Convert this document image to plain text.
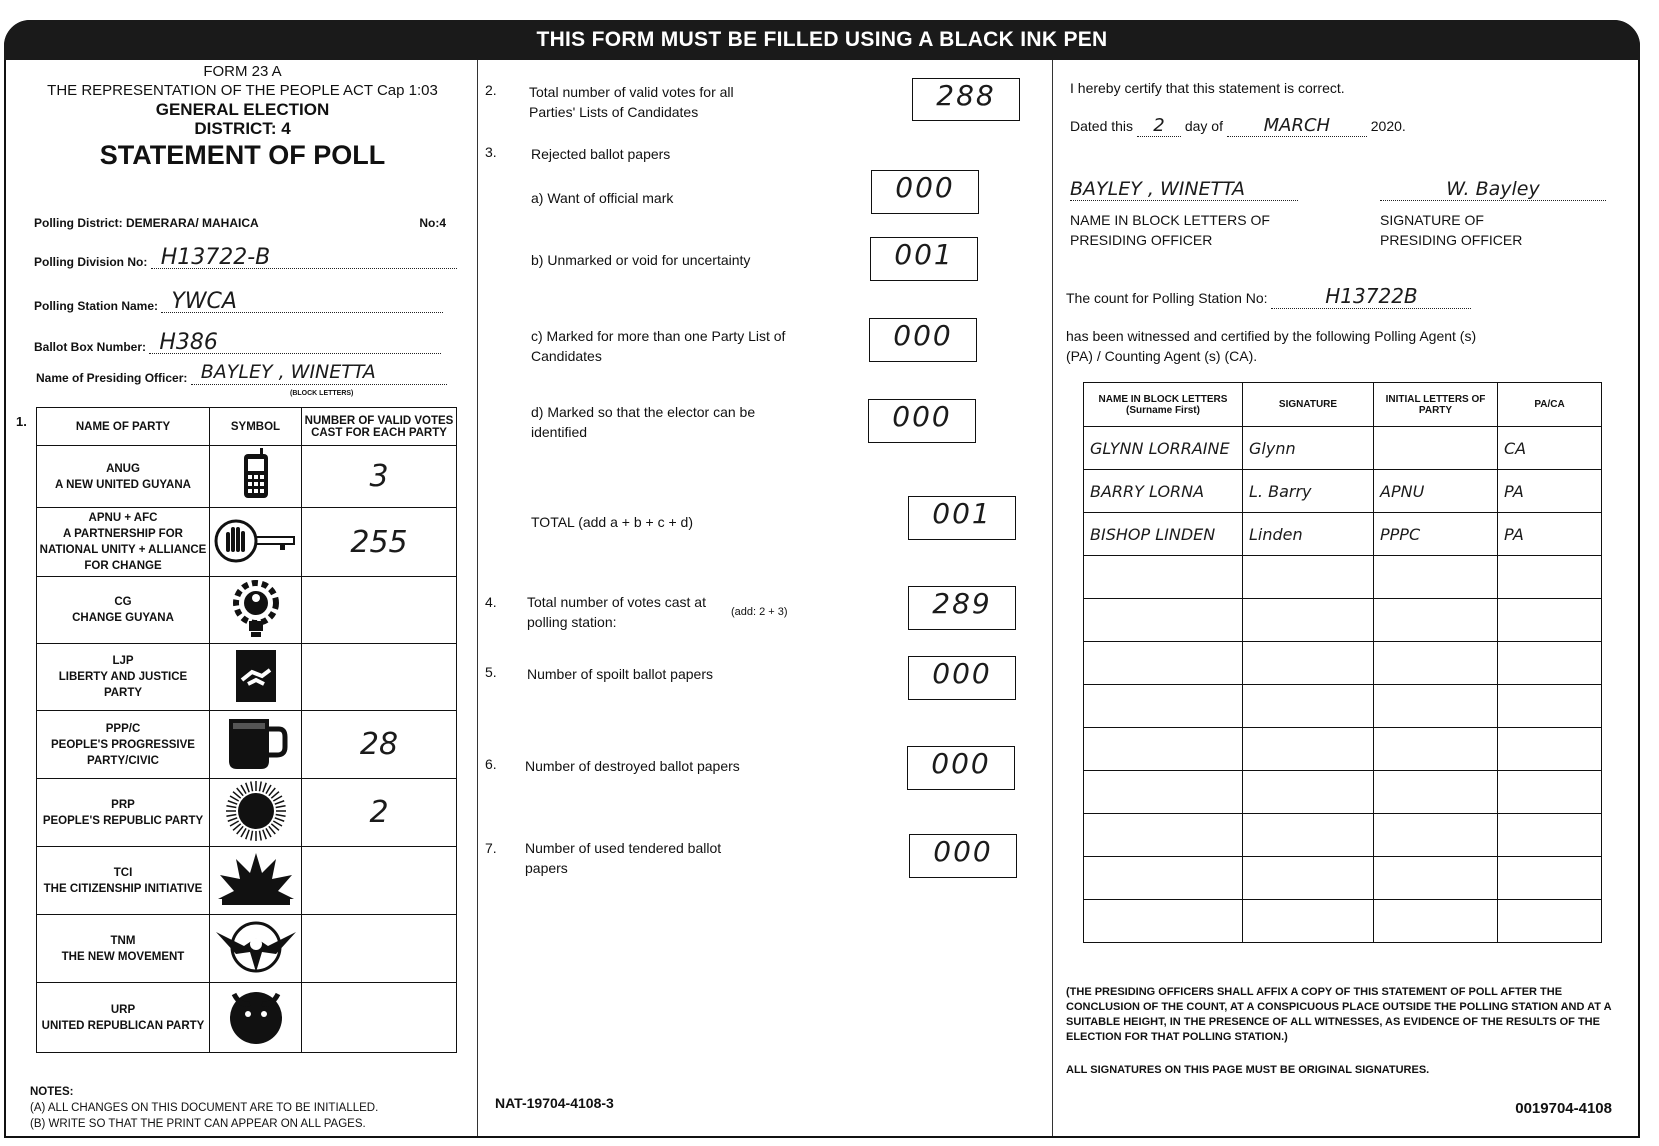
THIS FORM MUST BE FILLED USING A BLACK INK PEN
FORM 23 A
THE REPRESENTATION OF THE PEOPLE ACT Cap 1:03
GENERAL ELECTION
DISTRICT: 4
STATEMENT OF POLL
Polling District: DEMERARA/ MAHAICA	No:4
Polling Division No: H13722-B
Polling Station Name: YWCA
Ballot Box Number: H386
Name of Presiding Officer: BAYLEY , WINETTA
(BLOCK LETTERS)
1.	NAME OF PARTY	SYMBOL	NUMBER OF VALID VOTES CAST FOR EACH PARTY

ANUG
A NEW UNITED GUYANA		3

APNU + AFC
A PARTNERSHIP FOR NATIONAL UNITY + ALLIANCE FOR CHANGE		255

CG
CHANGE GUYANA

LJP
LIBERTY AND JUSTICE PARTY

PPP/C
PEOPLE'S PROGRESSIVE PARTY/CIVIC		28

PRP
PEOPLE'S REPUBLIC PARTY		2

TCI
THE CITIZENSHIP INITIATIVE

TNM
THE NEW MOVEMENT

URP
UNITED REPUBLICAN PARTY

NOTES:
(A) ALL CHANGES ON THIS DOCUMENT ARE TO BE INITIALLED.
(B) WRITE SO THAT THE PRINT CAN APPEAR ON ALL PAGES.
2. Total number of valid votes for all Parties' Lists of Candidates	288
3. Rejected ballot papers
a) Want of official mark	000
b) Unmarked or void for uncertainty	001
c) Marked for more than one Party List of Candidates
000
d) Marked so that the elector can be identified	000
TOTAL (add a + b + c + d)	001
4. Total number of votes cast at polling station:
(add: 2 + 3)	289
5. Number of spoilt ballot papers	000
6. Number of destroyed ballot papers	000
7. Number of used tendered ballot papers	000
NAT-19704-4108-3
I hereby certify that this statement is correct.
Dated this 2 day of MARCH	2020.
BAYLEY , WINETTA
NAME IN BLOCK LETTERS OF PRESIDING OFFICER
W. Bayley
SIGNATURE OF PRESIDING OFFICER
The count for Polling Station No:	H13722B
has been witnessed and certified by the following Polling Agent (s) (PA) / Counting Agent (s) (CA).
NAME IN BLOCK LETTERS (Surname First)	SIGNATURE	INITIAL LETTERS OF PARTY	PA/CA
GLYNN LORRAINE	Glynn		CA
BARRY LORNA	L. Barry	APNU	PA
BISHOP LINDEN	Linden	PPPC	PA

(THE PRESIDING OFFICERS SHALL AFFIX A COPY OF THIS STATEMENT OF POLL AFTER THE CONCLUSION OF THE COUNT, AT A CONSPICUOUS PLACE OUTSIDE THE POLLING STATION AND AT A SUITABLE HEIGHT, IN THE PRESENCE OF ALL WITNESSES, AS EVIDENCE OF THE RESULTS OF THE ELECTION FOR THAT POLLING STATION.)
ALL SIGNATURES ON THIS PAGE MUST BE ORIGINAL SIGNATURES.
0019704-4108
